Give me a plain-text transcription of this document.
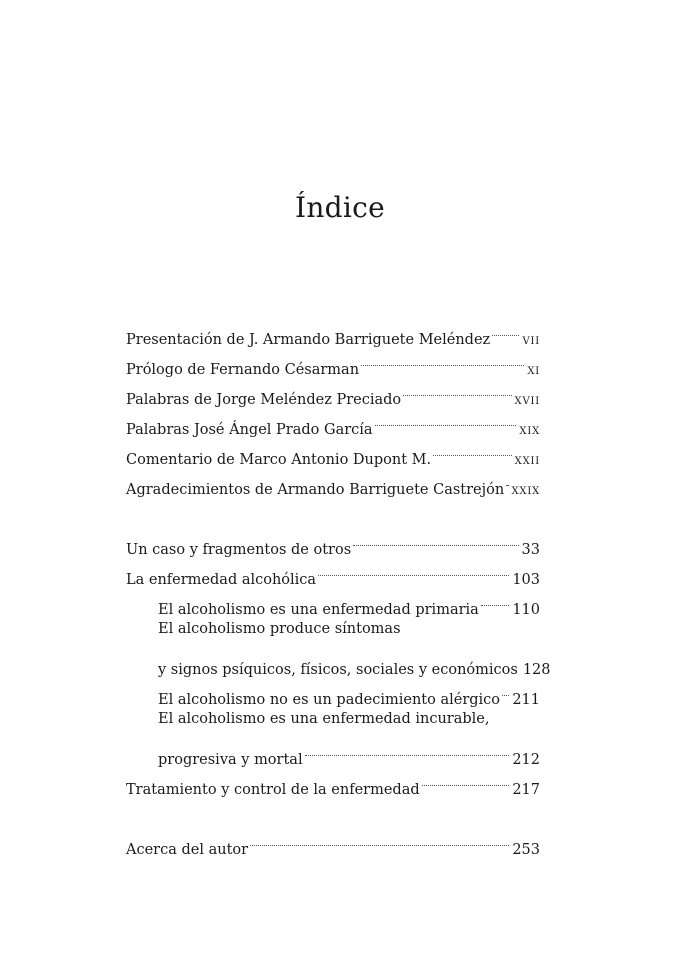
Índice
Presentación de J. Armando Barriguete Meléndez vii
Prólogo de Fernando Césarman	xi
Palabras de Jorge Meléndez Preciado	xvii
Palabras José Ángel Prado García	xix
Comentario de Marco Antonio Dupont M.	xxii
Agradecimientos de Armando Barriguete Castrejón xxix
Un caso y fragmentos de otros	33
La enfermedad alcohólica	103
El alcoholismo es una enfermedad primaria 110
El alcoholismo produce síntomas
y signos psíquicos, físicos, sociales y económicos 128
El alcoholismo no es un padecimiento alérgico 211
El alcoholismo es una enfermedad incurable,
progresiva y mortal	212
Tratamiento y control de la enfermedad	217
Acerca del autor	253
